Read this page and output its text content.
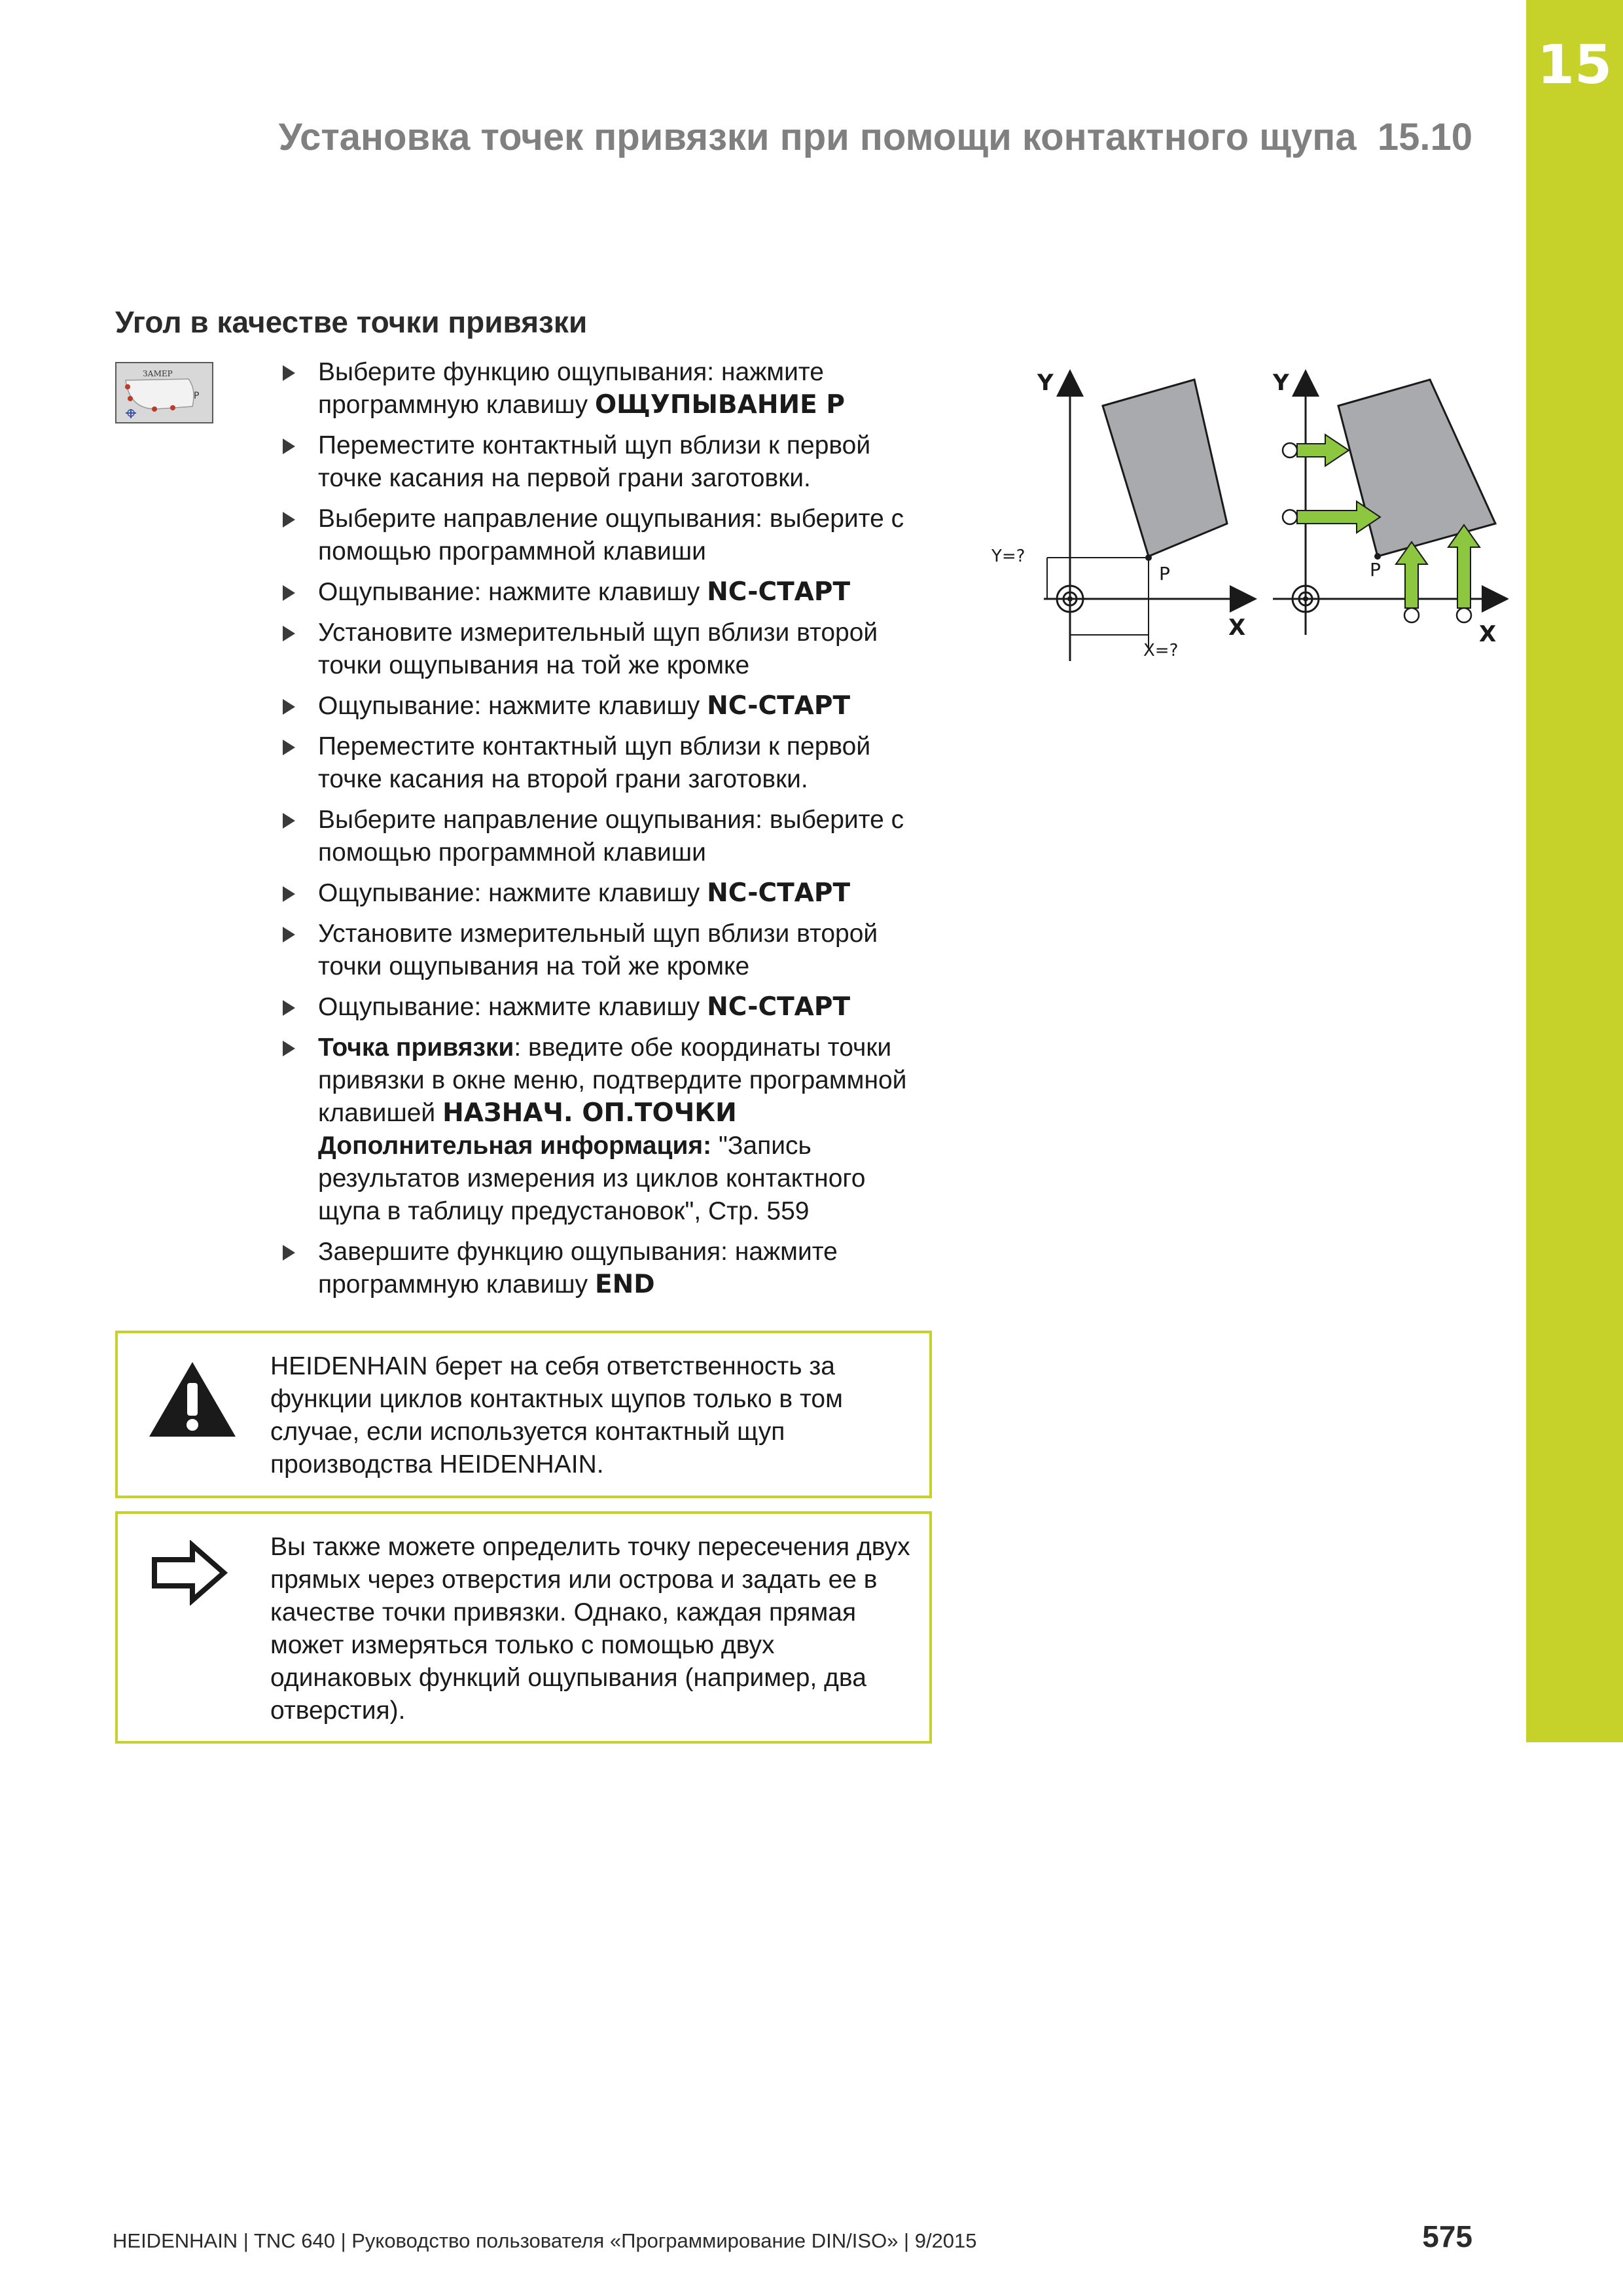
15
Установка точек привязки при помощи контактного щупа 15.10
Угол в качестве точки привязки
ЗАМЕР
P
Выберите функцию ощупывания: нажмите программную клавишу ОЩУПЫВАНИЕ P
Переместите контактный щуп вблизи к первой точке касания на первой грани заготовки.
Выберите направление ощупывания: выберите с помощью программной клавиши
Ощупывание: нажмите клавишу NC-СТАРТ
Установите измерительный щуп вблизи второй точки ощупывания на той же кромке
Ощупывание: нажмите клавишу NC-СТАРТ
Переместите контактный щуп вблизи к первой точке касания на второй грани заготовки.
Выберите направление ощупывания: выберите с помощью программной клавиши
Ощупывание: нажмите клавишу NC-СТАРТ
Установите измерительный щуп вблизи второй точки ощупывания на той же кромке
Ощупывание: нажмите клавишу NC-СТАРТ
Точка привязки: введите обе координаты точки привязки в окне меню, подтвердите программной клавишей НАЗНАЧ. ОП.ТОЧКИ
Дополнительная информация: "Запись результатов измерения из циклов контактного щупа в таблицу предустановок", Стр. 559
Завершите функцию ощупывания: нажмите программную клавишу END
Y
X
P
Y=?
X=?
Y
X
P
HEIDENHAIN берет на себя ответственность за функции циклов контактных щупов только в том случае, если используется контактный щуп производства HEIDENHAIN.
Вы также можете определить точку пересечения двух прямых через отверстия или острова и задать ее в качестве точки привязки. Однако, каждая прямая может измеряться только с помощью двух одинаковых функций ощупывания (например, два отверстия).
HEIDENHAIN | TNC 640 | Руководство пользователя «Программирование DIN/ISO» | 9/2015	575
